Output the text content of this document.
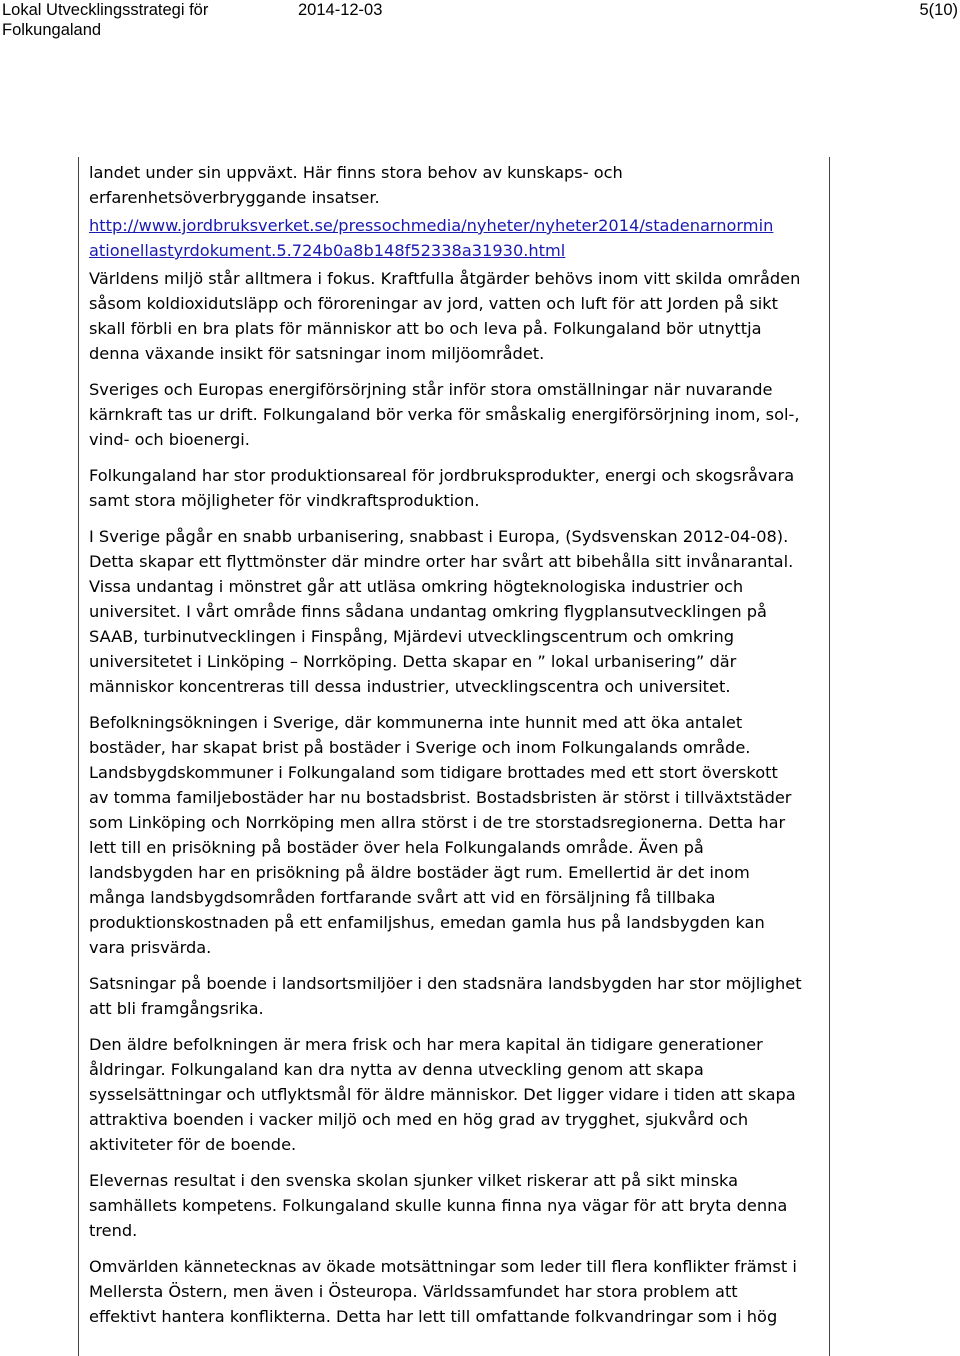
Lokal Utvecklingsstrategi för
Folkungaland
2014-12-03	5(10)
landet under sin uppväxt. Här finns stora behov av kunskaps- och
erfarenhetsöverbryggande insatser.
http://www.jordbruksverket.se/pressochmedia/nyheter/nyheter2014/stadenarnormin
ationellastyrdokument.5.724b0a8b148f52338a31930.html
Världens miljö står alltmera i fokus. Kraftfulla åtgärder behövs inom vitt skilda områden
såsom koldioxidutsläpp och föroreningar av jord, vatten och luft för att Jorden på sikt
skall förbli en bra plats för människor att bo och leva på. Folkungaland bör utnyttja
denna växande insikt för satsningar inom miljöområdet.
Sveriges och Europas energiförsörjning står inför stora omställningar när nuvarande
kärnkraft tas ur drift. Folkungaland bör verka för småskalig energiförsörjning inom, sol-,
vind- och bioenergi.
Folkungaland har stor produktionsareal för jordbruksprodukter, energi och skogsråvara
samt stora möjligheter för vindkraftsproduktion.
I Sverige pågår en snabb urbanisering, snabbast i Europa, (Sydsvenskan 2012-04-08).
Detta skapar ett flyttmönster där mindre orter har svårt att bibehålla sitt invånarantal.
Vissa undantag i mönstret går att utläsa omkring högteknologiska industrier och
universitet. I vårt område finns sådana undantag omkring flygplansutvecklingen på
SAAB, turbinutvecklingen i Finspång, Mjärdevi utvecklingscentrum och omkring
universitetet i Linköping – Norrköping. Detta skapar en ” lokal urbanisering” där
människor koncentreras till dessa industrier, utvecklingscentra och universitet.
Befolkningsökningen i Sverige, där kommunerna inte hunnit med att öka antalet
bostäder, har skapat brist på bostäder i Sverige och inom Folkungalands område.
Landsbygdskommuner i Folkungaland som tidigare brottades med ett stort överskott
av tomma familjebostäder har nu bostadsbrist. Bostadsbristen är störst i tillväxtstäder
som Linköping och Norrköping men allra störst i de tre storstadsregionerna. Detta har
lett till en prisökning på bostäder över hela Folkungalands område. Även på
landsbygden har en prisökning på äldre bostäder ägt rum. Emellertid är det inom
många landsbygdsområden fortfarande svårt att vid en försäljning få tillbaka
produktionskostnaden på ett enfamiljshus, emedan gamla hus på landsbygden kan
vara prisvärda.
Satsningar på boende i landsortsmiljöer i den stadsnära landsbygden har stor möjlighet
att bli framgångsrika.
Den äldre befolkningen är mera frisk och har mera kapital än tidigare generationer
åldringar. Folkungaland kan dra nytta av denna utveckling genom att skapa
sysselsättningar och utflyktsmål för äldre människor. Det ligger vidare i tiden att skapa
attraktiva boenden i vacker miljö och med en hög grad av trygghet, sjukvård och
aktiviteter för de boende.
Elevernas resultat i den svenska skolan sjunker vilket riskerar att på sikt minska
samhällets kompetens. Folkungaland skulle kunna finna nya vägar för att bryta denna
trend.
Omvärlden kännetecknas av ökade motsättningar som leder till flera konflikter främst i
Mellersta Östern, men även i Östeuropa. Världssamfundet har stora problem att
effektivt hantera konflikterna. Detta har lett till omfattande folkvandringar som i hög
